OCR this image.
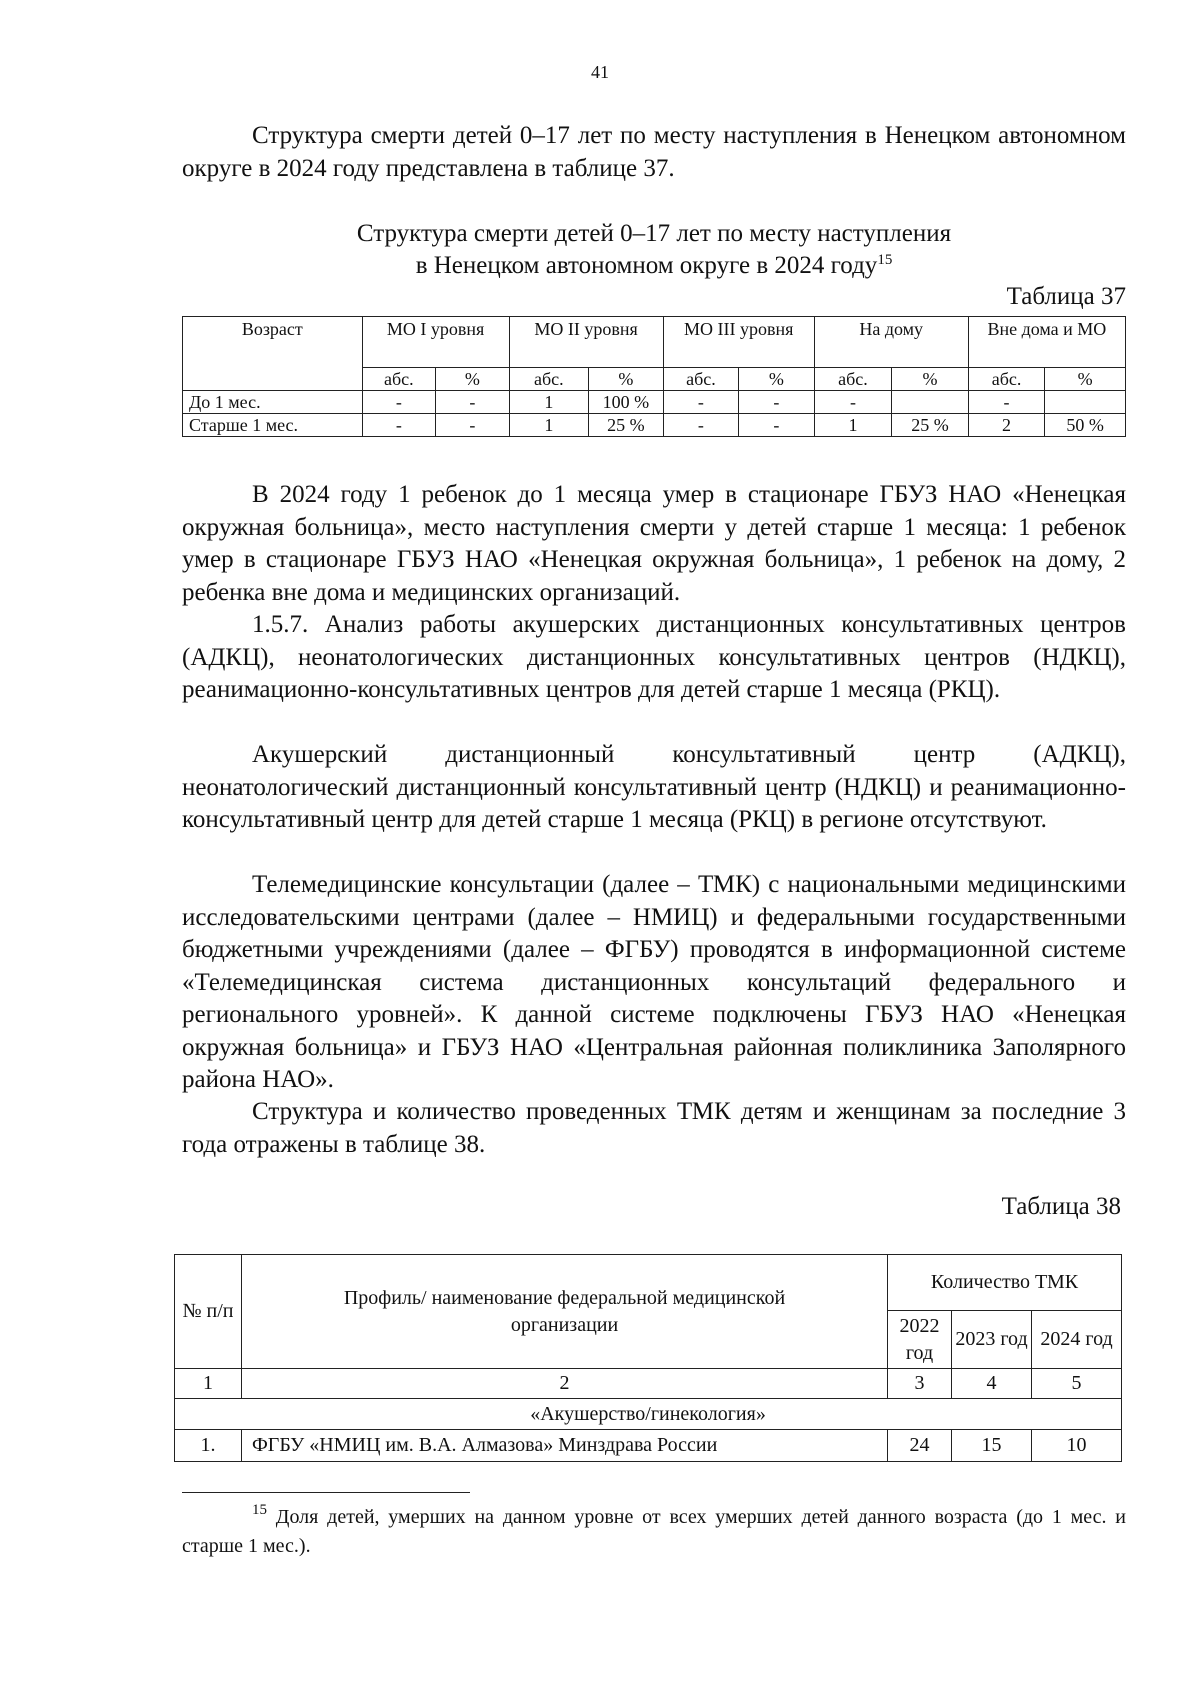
41

Структура смерти детей 0–17 лет по месту наступления в Ненецком автономном округе в 2024 году представлена в таблице 37.

Структура смерти детей 0–17 лет по месту наступления
в Ненецком автономном округе в 2024 году$^{15}$
Таблица 37
Возраст	МО I уровня		МО II уровня		МО III уровня		На дому		Вне дома и МО	
	абс.	%	абс.	%	абс.	%	абс.	%	абс.	%
До 1 мес.	-	-	1	100 %	-	-	-		-	
Старше 1 мес.	-	-	1	25 %	-	-	1	25 %	2	50 %

В 2024 году 1 ребенок до 1 месяца умер в стационаре ГБУЗ НАО «Ненецкая окружная больница», место наступления смерти у детей старше 1 месяца: 1 ребенок умер в стационаре ГБУЗ НАО «Ненецкая окружная больница», 1 ребенок на дому, 2 ребенка вне дома и медицинских организаций.

1.5.7. Анализ работы акушерских дистанционных консультативных центров (АДКЦ), неонатологических дистанционных консультативных центров (НДКЦ), реанимационно-консультативных центров для детей старше 1 месяца (РКЦ).

Акушерский дистанционный консультативный центр (АДКЦ), неонатологический дистанционный консультативный центр (НДКЦ) и реанимационно-консультативный центр для детей старше 1 месяца (РКЦ) в регионе отсутствуют.

Телемедицинские консультации (далее – ТМК) с национальными медицинскими исследовательскими центрами (далее – НМИЦ) и федеральными государственными бюджетными учреждениями (далее – ФГБУ) проводятся в информационной системе «Телемедицинская система дистанционных консультаций федерального и регионального уровней». К данной системе подключены ГБУЗ НАО «Ненецкая окружная больница» и ГБУЗ НАО «Центральная районная поликлиника Заполярного района НАО».

Структура и количество проведенных ТМК детям и женщинам за последние 3 года отражены в таблице 38.

Таблица 38
№ п/п	Профиль/ наименование федеральной медицинской организации	Количество ТМК		
		2022 год	2023 год	2024 год
1	2	3	4	5
«Акушерство/гинекология»				
1.	ФГБУ «НМИЦ им. В.А. Алмазова» Минздрава России	24	15	10

$^{15}$ Доля детей, умерших на данном уровне от всех умерших детей данного возраста (до 1 мес. и старше 1 мес.).
